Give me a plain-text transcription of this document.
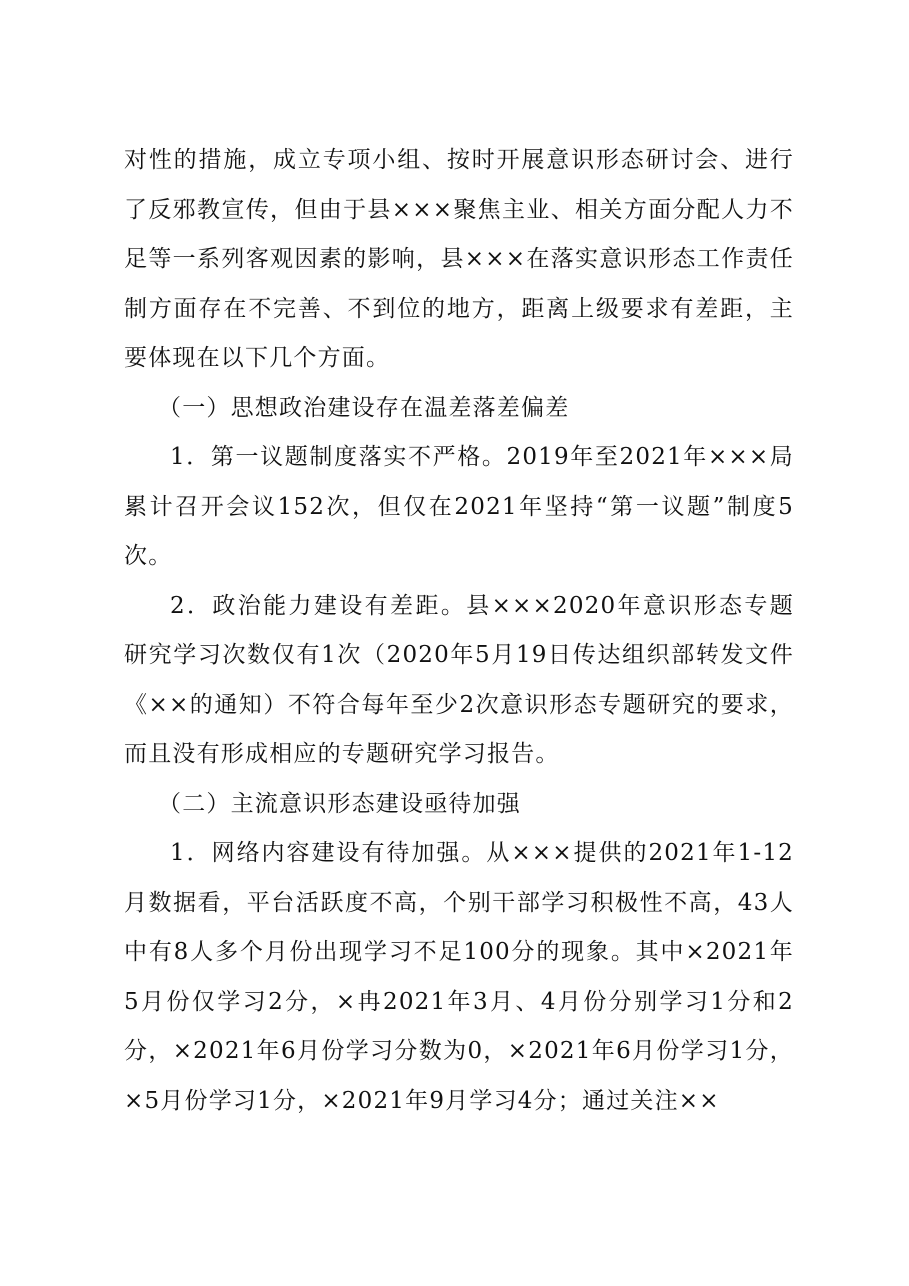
对性的措施，成立专项小组、按时开展意识形态研讨会、进行了反邪教宣传，但由于县×××聚焦主业、相关方面分配人力不足等一系列客观因素的影响，县×××在落实意识形态工作责任制方面存在不完善、不到位的地方，距离上级要求有差距，主要体现在以下几个方面。

（一）思想政治建设存在温差落差偏差

1．第一议题制度落实不严格。2019年至2021年×××局累计召开会议152次，但仅在2021年坚持“第一议题”制度5次。

2．政治能力建设有差距。县×××2020年意识形态专题研究学习次数仅有1次（2020年5月19日传达组织部转发文件《××的通知）不符合每年至少2次意识形态专题研究的要求，而且没有形成相应的专题研究学习报告。

（二）主流意识形态建设亟待加强

1．网络内容建设有待加强。从×××提供的2021年1-12月数据看，平台活跃度不高，个别干部学习积极性不高，43人中有8人多个月份出现学习不足100分的现象。其中×2021年5月份仅学习2分，×冉2021年3月、4月份分别学习1分和2分，×2021年6月份学习分数为0，×2021年6月份学习1分，×5月份学习1分，×2021年9月学习4分；通过关注××
